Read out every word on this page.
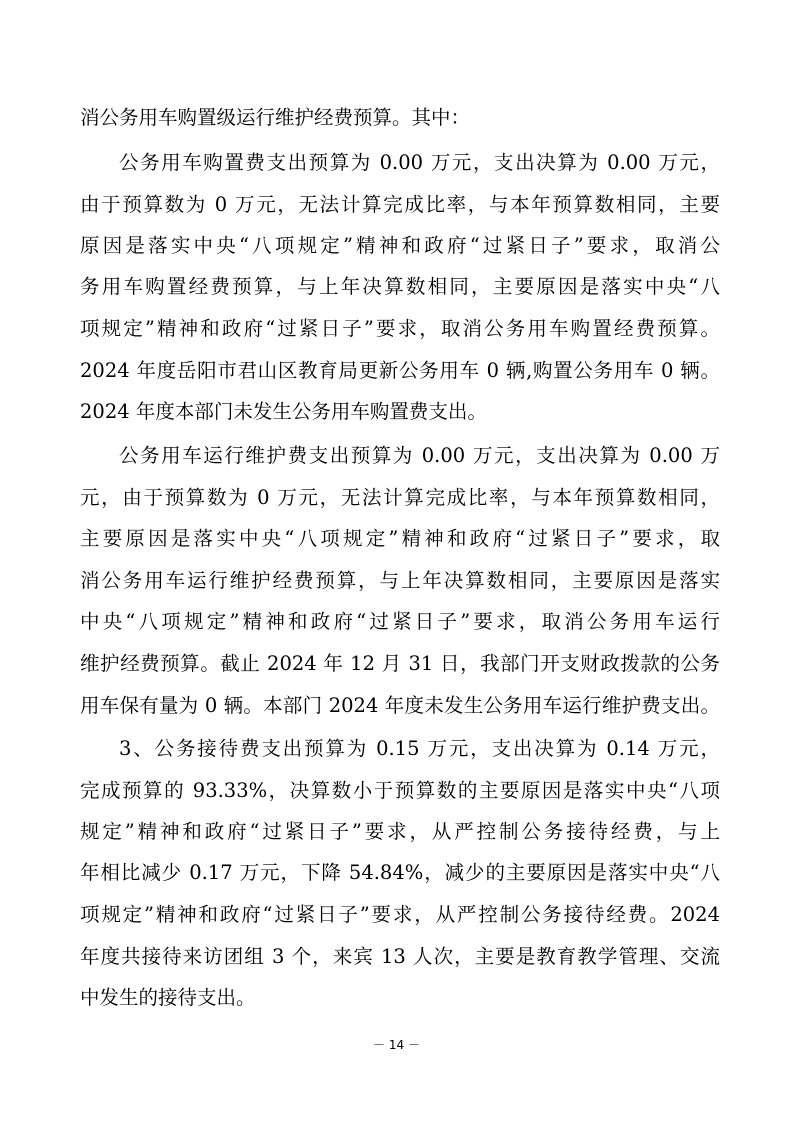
消公务用车购置级运行维护经费预算。其中：
公务用车购置费支出预算为 0.00 万元，支出决算为 0.00 万元，
由于预算数为 0 万元，无法计算完成比率，与本年预算数相同，主要
原因是落实中央“八项规定”精神和政府“过紧日子”要求，取消公
务用车购置经费预算，与上年决算数相同，主要原因是落实中央“八
项规定”精神和政府“过紧日子”要求，取消公务用车购置经费预算。
2024 年度岳阳市君山区教育局更新公务用车 0 辆,购置公务用车 0 辆。
2024 年度本部门未发生公务用车购置费支出。
公务用车运行维护费支出预算为 0.00 万元，支出决算为 0.00 万
元，由于预算数为 0 万元，无法计算完成比率，与本年预算数相同，
主要原因是落实中央“八项规定”精神和政府“过紧日子”要求，取
消公务用车运行维护经费预算，与上年决算数相同，主要原因是落实
中央“八项规定”精神和政府“过紧日子”要求，取消公务用车运行
维护经费预算。截止 2024 年 12 月 31 日，我部门开支财政拨款的公务
用车保有量为 0 辆。本部门 2024 年度未发生公务用车运行维护费支出。
3、公务接待费支出预算为 0.15 万元，支出决算为 0.14 万元，
完成预算的 93.33%，决算数小于预算数的主要原因是落实中央“八项
规定”精神和政府“过紧日子”要求，从严控制公务接待经费，与上
年相比减少 0.17 万元，下降 54.84%，减少的主要原因是落实中央“八
项规定”精神和政府“过紧日子”要求，从严控制公务接待经费。2024
年度共接待来访团组 3 个，来宾 13 人次，主要是教育教学管理、交流
中发生的接待支出。
－ 14 －
